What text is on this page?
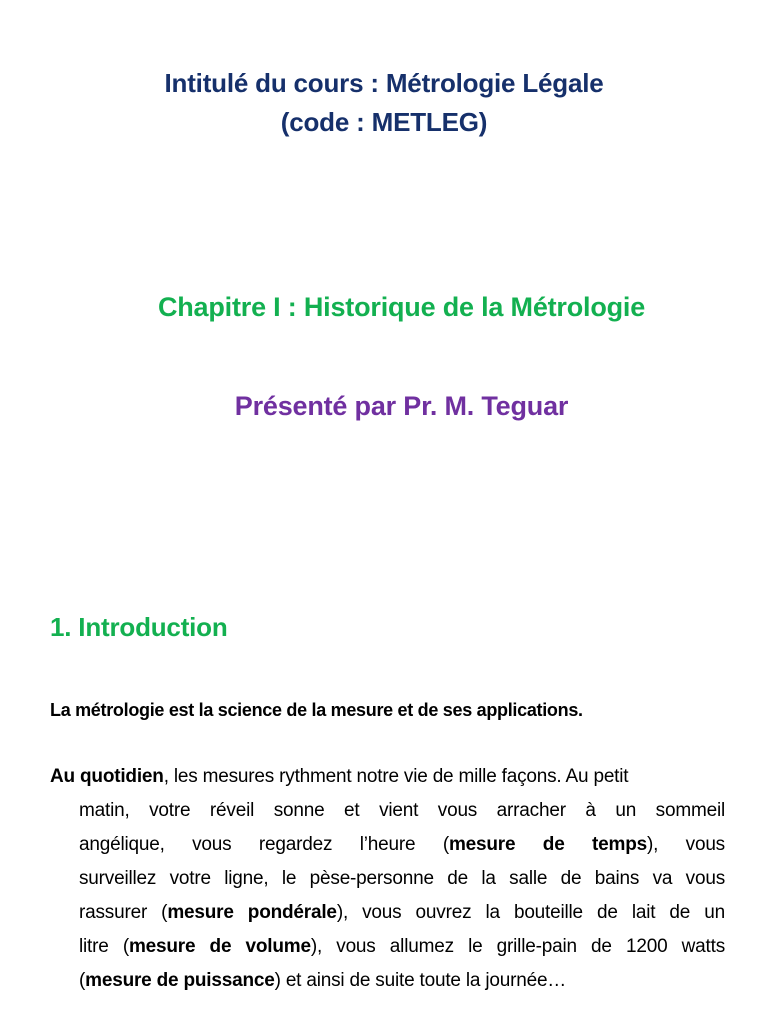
Intitulé du cours : Métrologie Légale
(code : METLEG)
Chapitre I : Historique de la Métrologie
Présenté par Pr. M. Teguar
1. Introduction
La métrologie est la science de la mesure et de ses applications.
Au quotidien, les mesures rythment notre vie de mille façons. Au petit
matin, votre réveil sonne et vient vous arracher à un sommeil
angélique, vous regardez l’heure (mesure de temps), vous
surveillez votre ligne, le pèse-personne de la salle de bains va vous
rassurer (mesure pondérale), vous ouvrez la bouteille de lait de un
litre (mesure de volume), vous allumez le grille-pain de 1200 watts
(mesure de puissance) et ainsi de suite toute la journée…
